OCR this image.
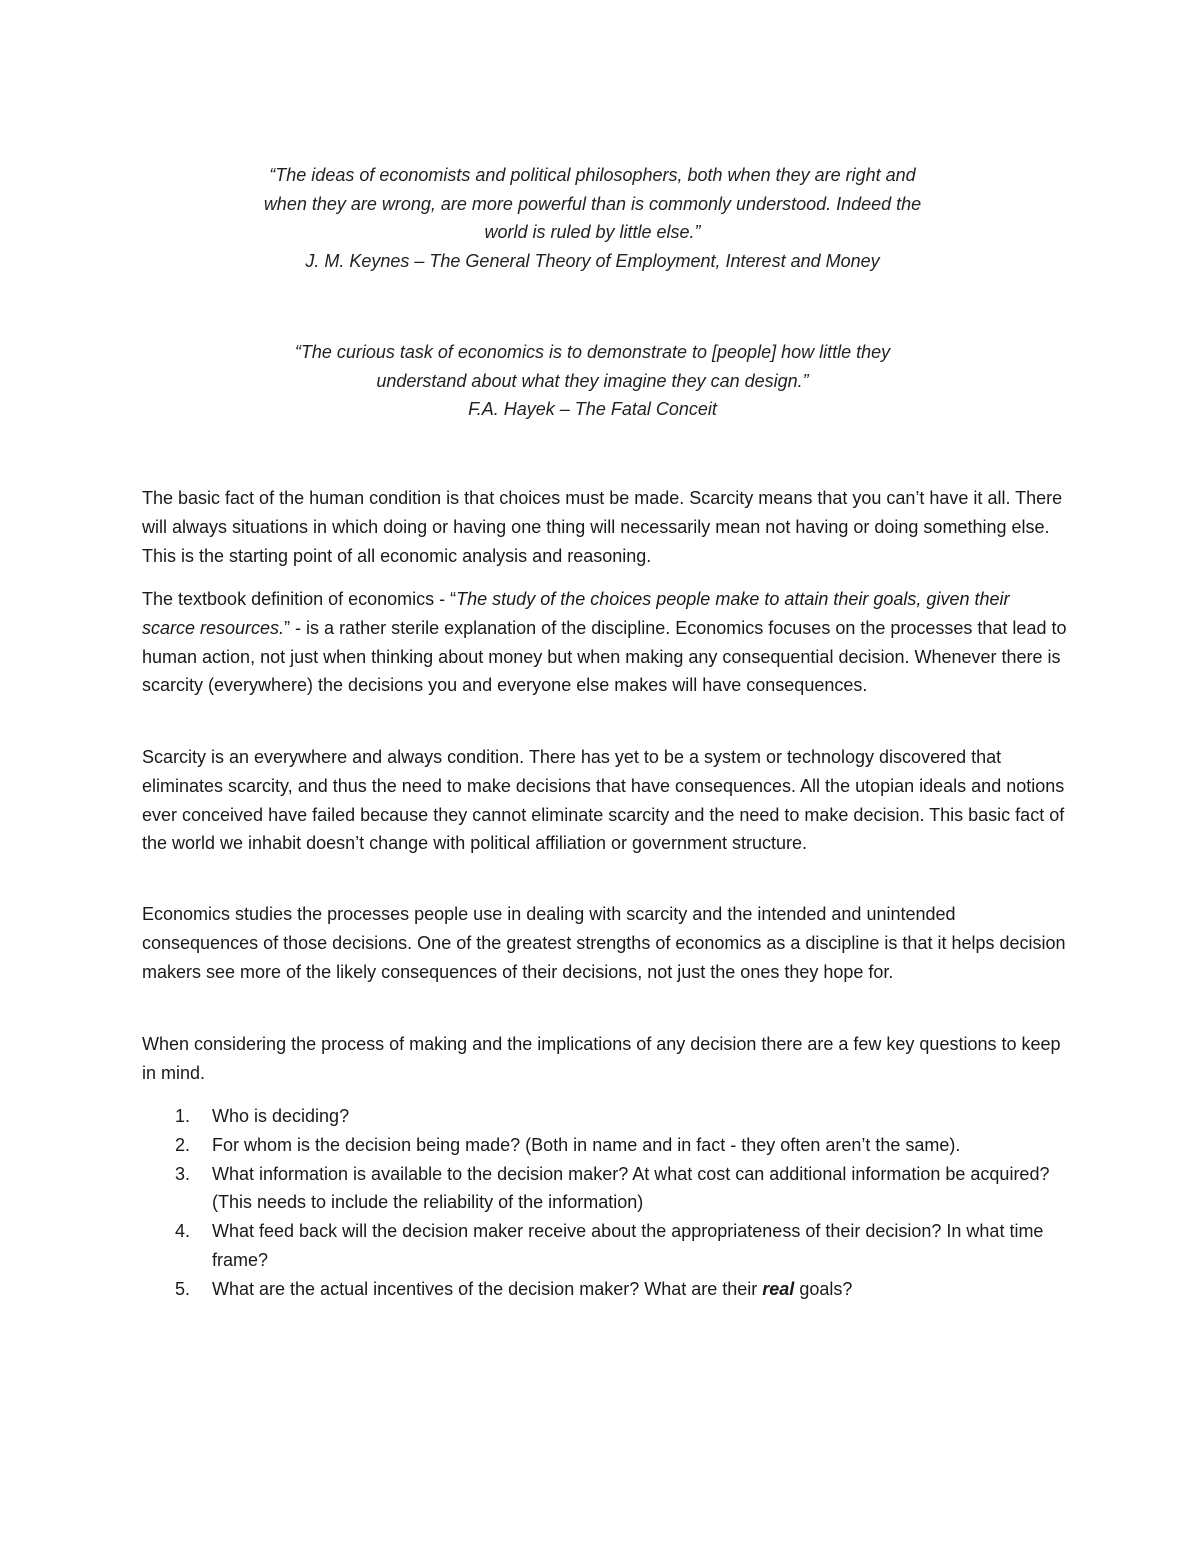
“The ideas of economists and political philosophers, both when they are right and

when they are wrong, are more powerful than is commonly understood. Indeed the

world is ruled by little else.”

J. M. Keynes – The General Theory of Employment, Interest and Money

“The curious task of economics is to demonstrate to [people] how little they

understand about what they imagine they can design.”

F.A. Hayek – The Fatal Conceit

The basic fact of the human condition is that choices must be made. Scarcity means that you can’t have it all. There will always situations in which doing or having one thing will necessarily mean not having or doing something else. This is the starting point of all economic analysis and reasoning.

The textbook definition of economics - “The study of the choices people make to attain their goals, given their scarce resources.” - is a rather sterile explanation of the discipline. Economics focuses on the processes that lead to human action, not just when thinking about money but when making any consequential decision. Whenever there is scarcity (everywhere) the decisions you and everyone else makes will have consequences.

Scarcity is an everywhere and always condition. There has yet to be a system or technology discovered that eliminates scarcity, and thus the need to make decisions that have consequences. All the utopian ideals and notions ever conceived have failed because they cannot eliminate scarcity and the need to make decision. This basic fact of the world we inhabit doesn’t change with political affiliation or government structure.

Economics studies the processes people use in dealing with scarcity and the intended and unintended consequences of those decisions. One of the greatest strengths of economics as a discipline is that it helps decision makers see more of the likely consequences of their decisions, not just the ones they hope for.

When considering the process of making and the implications of any decision there are a few key questions to keep in mind.

1. Who is deciding?
2. For whom is the decision being made? (Both in name and in fact - they often aren’t the same).
3. What information is available to the decision maker? At what cost can additional information be acquired? (This needs to include the reliability of the information)
4. What feed back will the decision maker receive about the appropriateness of their decision? In what time frame?
5. What are the actual incentives of the decision maker? What are their real goals?
